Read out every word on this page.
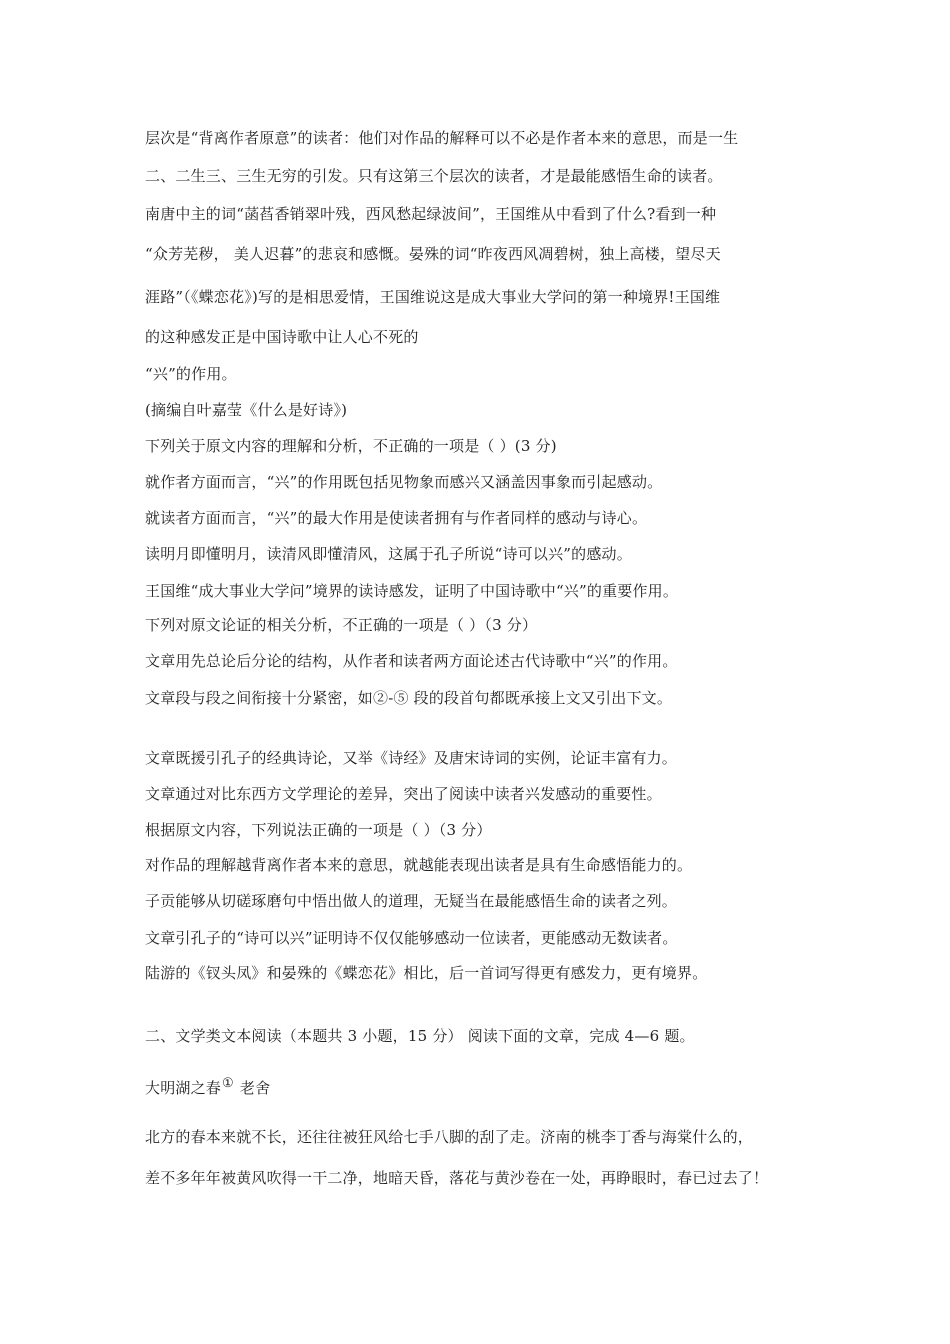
层次是“背离作者原意”的读者：他们对作品的解释可以不必是作者本来的意思，而是一生
二、二生三、三生无穷的引发。只有这第三个层次的读者，才是最能感悟生命的读者。
南唐中主的词“菡萏香销翠叶残，西风愁起绿波间”，王国维从中看到了什么?看到一种
“众芳芜秽， 美人迟暮”的悲哀和感慨。晏殊的词“昨夜西风凋碧树，独上高楼，望尽天
涯路”（《蝶恋花》)写的是相思爱情，王国维说这是成大事业大学问的第一种境界!王国维
的这种感发正是中国诗歌中让人心不死的
“兴”的作用。
(摘编自叶嘉莹《什么是好诗》)
下列关于原文内容的理解和分析，不正确的一项是（ ）(3 分)
就作者方面而言，“兴”的作用既包括见物象而感兴又涵盖因事象而引起感动。
就读者方面而言，“兴”的最大作用是使读者拥有与作者同样的感动与诗心。
读明月即懂明月，读清风即懂清风，这属于孔子所说“诗可以兴”的感动。
王国维“成大事业大学问”境界的读诗感发，证明了中国诗歌中“兴”的重要作用。
下列对原文论证的相关分析，不正确的一项是（ ）（3 分）
文章用先总论后分论的结构，从作者和读者两方面论述古代诗歌中“兴”的作用。
文章段与段之间衔接十分紧密，如②-⑤ 段的段首句都既承接上文又引出下文。
文章既援引孔子的经典诗论，又举《诗经》及唐宋诗词的实例，论证丰富有力。
文章通过对比东西方文学理论的差异，突出了阅读中读者兴发感动的重要性。
根据原文内容，下列说法正确的一项是（ ）（3 分）
对作品的理解越背离作者本来的意思，就越能表现出读者是具有生命感悟能力的。
子贡能够从切磋琢磨句中悟出做人的道理，无疑当在最能感悟生命的读者之列。
文章引孔子的“诗可以兴”证明诗不仅仅能够感动一位读者，更能感动无数读者。
陆游的《钗头凤》和晏殊的《蝶恋花》相比，后一首词写得更有感发力，更有境界。
二、文学类文本阅读（本题共 3 小题，15 分） 阅读下面的文章，完成 4—6 题。
大明湖之春① 老舍
北方的春本来就不长，还往往被狂风给七手八脚的刮了走。济南的桃李丁香与海棠什么的，
差不多年年被黄风吹得一干二净，地暗天昏，落花与黄沙卷在一处，再睁眼时，春已过去了！
